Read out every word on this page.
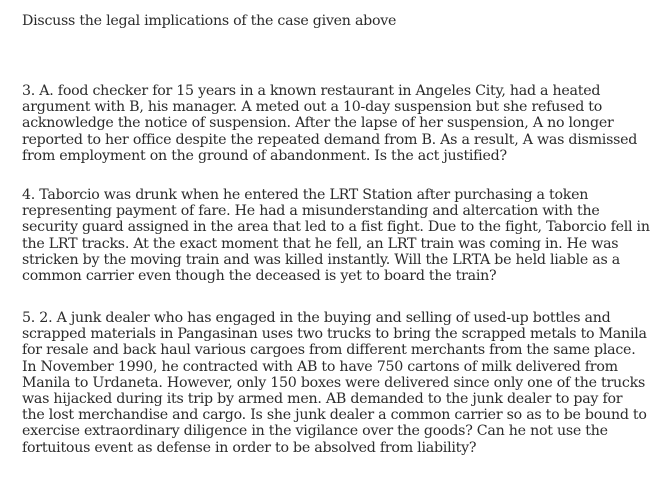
Discuss the legal implications of the case given above
3. A. food checker for 15 years in a known restaurant in Angeles City, had a heated
argument with B, his manager. A meted out a 10-day suspension but she refused to
acknowledge the notice of suspension. After the lapse of her suspension, A no longer
reported to her office despite the repeated demand from B. As a result, A was dismissed
from employment on the ground of abandonment. Is the act justified?
4. Taborcio was drunk when he entered the LRT Station after purchasing a token
representing payment of fare. He had a misunderstanding and altercation with the
security guard assigned in the area that led to a fist fight. Due to the fight, Taborcio fell in
the LRT tracks. At the exact moment that he fell, an LRT train was coming in. He was
stricken by the moving train and was killed instantly. Will the LRTA be held liable as a
common carrier even though the deceased is yet to board the train?
5. 2. A junk dealer who has engaged in the buying and selling of used-up bottles and
scrapped materials in Pangasinan uses two trucks to bring the scrapped metals to Manila
for resale and back haul various cargoes from different merchants from the same place.
In November 1990, he contracted with AB to have 750 cartons of milk delivered from
Manila to Urdaneta. However, only 150 boxes were delivered since only one of the trucks
was hijacked during its trip by armed men. AB demanded to the junk dealer to pay for
the lost merchandise and cargo. Is she junk dealer a common carrier so as to be bound to
exercise extraordinary diligence in the vigilance over the goods? Can he not use the
fortuitous event as defense in order to be absolved from liability?
